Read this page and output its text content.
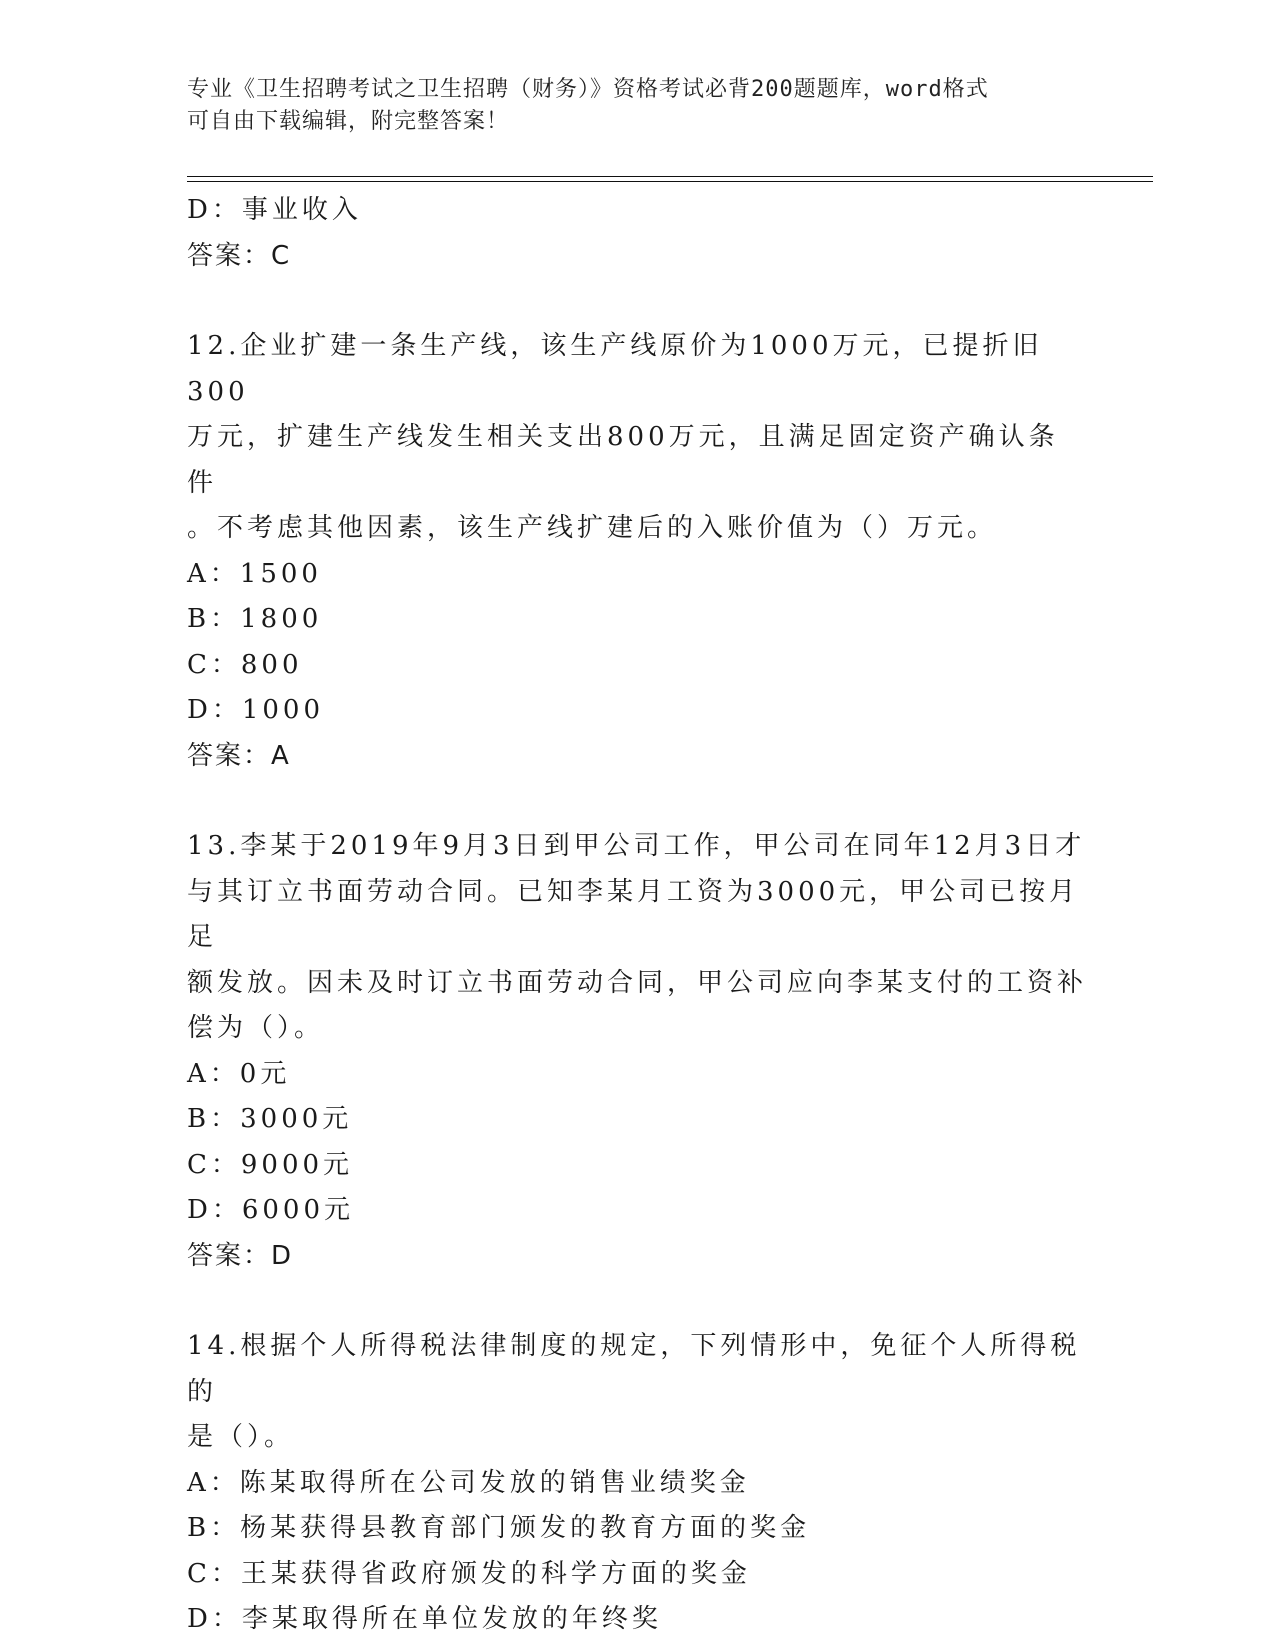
专业《卫生招聘考试之卫生招聘（财务）》资格考试必背200题题库，word格式
可自由下载编辑，附完整答案！
D：事业收入
答案：C
12.企业扩建一条生产线，该生产线原价为1000万元，已提折旧300
万元，扩建生产线发生相关支出800万元，且满足固定资产确认条件
。不考虑其他因素，该生产线扩建后的入账价值为（）万元。
A：1500
B：1800
C：800
D：1000
答案：A
13.李某于2019年9月3日到甲公司工作，甲公司在同年12月3日才
与其订立书面劳动合同。已知李某月工资为3000元，甲公司已按月足
额发放。因未及时订立书面劳动合同，甲公司应向李某支付的工资补
偿为（）。
A：0元
B：3000元
C：9000元
D：6000元
答案：D
14.根据个人所得税法律制度的规定，下列情形中，免征个人所得税的
是（）。
A：陈某取得所在公司发放的销售业绩奖金
B：杨某获得县教育部门颁发的教育方面的奖金
C：王某获得省政府颁发的科学方面的奖金
D：李某取得所在单位发放的年终奖
